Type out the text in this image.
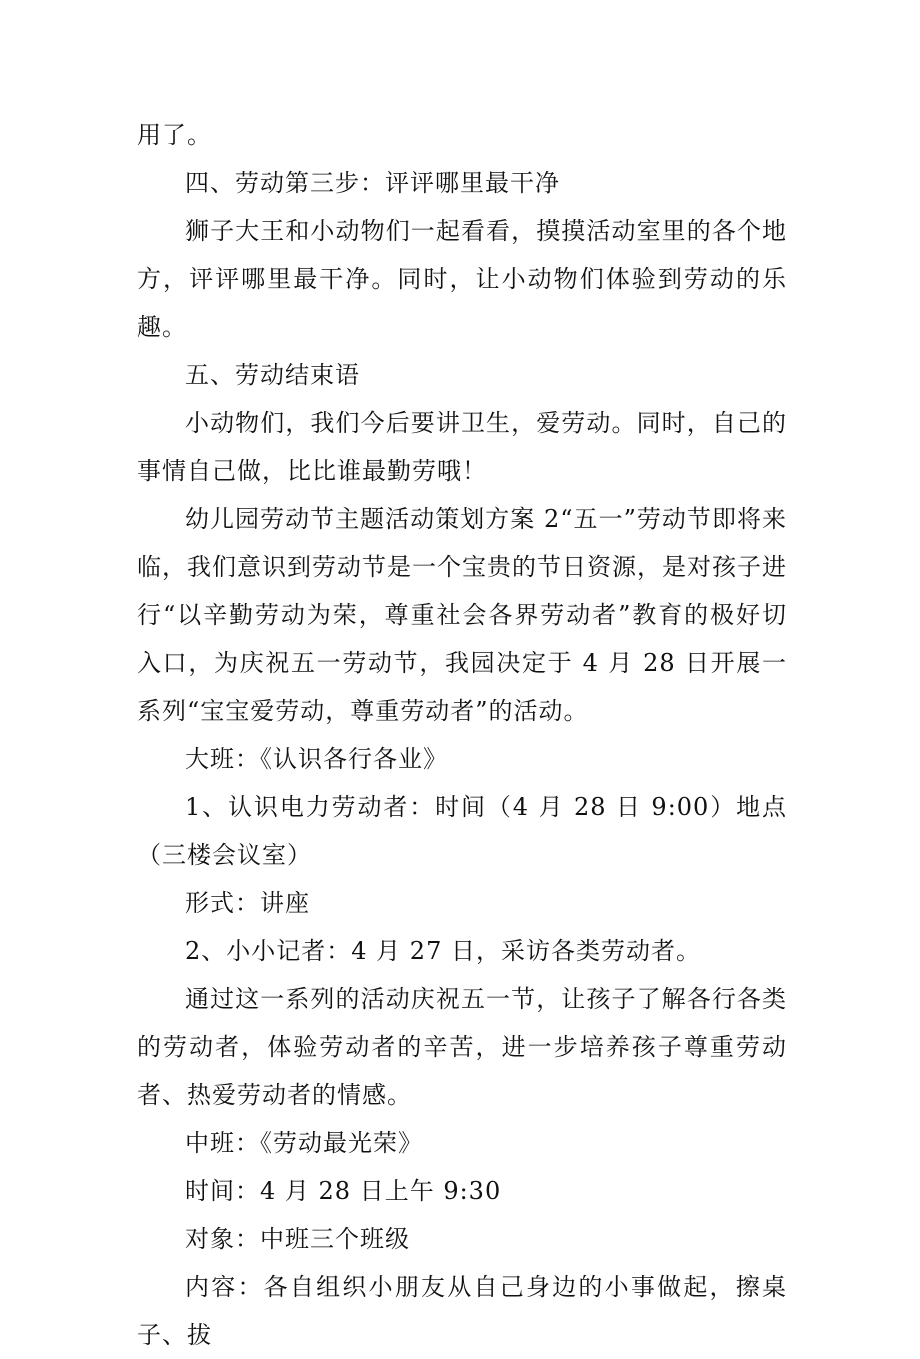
用了。

四、劳动第三步：评评哪里最干净

狮子大王和小动物们一起看看，摸摸活动室里的各个地方，评评哪里最干净。同时，让小动物们体验到劳动的乐趣。

五、劳动结束语

小动物们，我们今后要讲卫生，爱劳动。同时，自己的事情自己做，比比谁最勤劳哦！

幼儿园劳动节主题活动策划方案 2“五一”劳动节即将来临，我们意识到劳动节是一个宝贵的节日资源，是对孩子进行“以辛勤劳动为荣，尊重社会各界劳动者”教育的极好切入口，为庆祝五一劳动节，我园决定于 4 月 28 日开展一系列“宝宝爱劳动，尊重劳动者”的活动。

大班：《认识各行各业》

1、认识电力劳动者：时间（4 月 28 日 9:00）地点（三楼会议室）

形式：讲座

2、小小记者：4 月 27 日，采访各类劳动者。

通过这一系列的活动庆祝五一节，让孩子了解各行各类的劳动者，体验劳动者的辛苦，进一步培养孩子尊重劳动者、热爱劳动者的情感。

中班：《劳动最光荣》

时间：4 月 28 日上午 9:30

对象：中班三个班级

内容：各自组织小朋友从自己身边的小事做起，擦桌子、拔
